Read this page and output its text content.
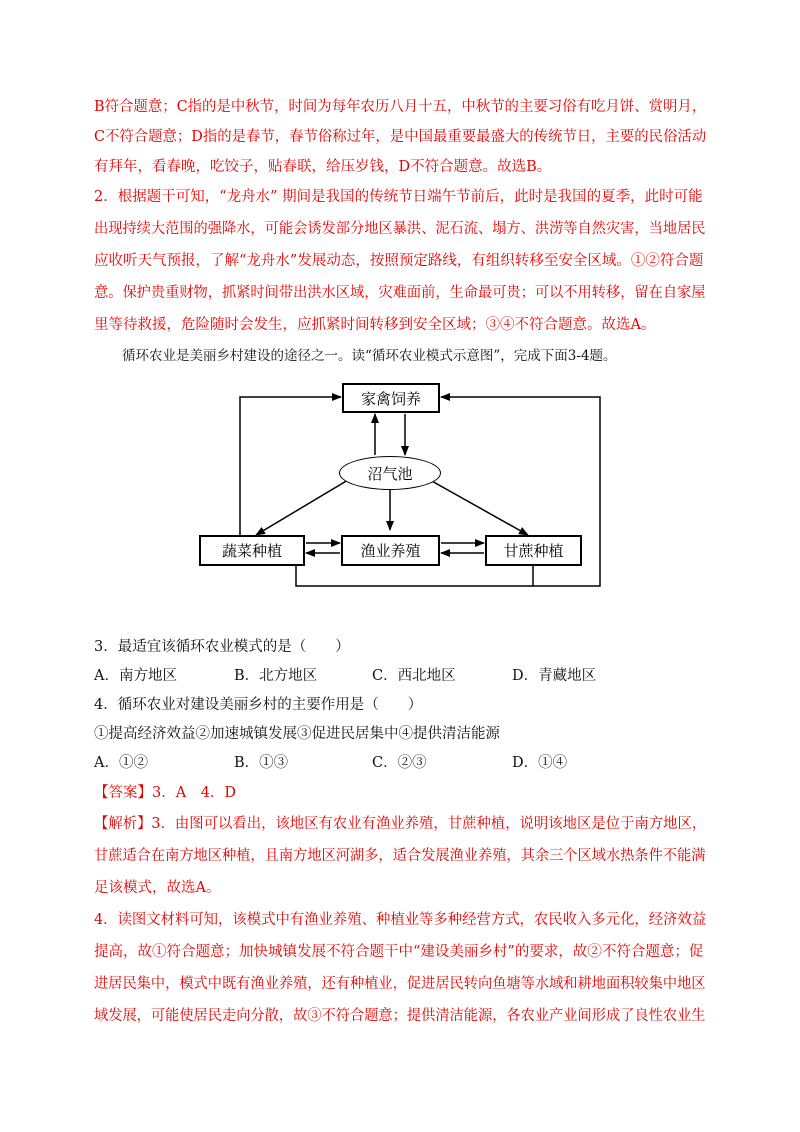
B符合题意；C指的是中秋节，时间为每年农历八月十五，中秋节的主要习俗有吃月饼、赏明月，
C不符合题意；D指的是春节，春节俗称过年，是中国最重要最盛大的传统节日，主要的民俗活动
有拜年，看春晚，吃饺子，贴春联，给压岁钱，D不符合题意。故选B。
2．根据题干可知，“龙舟水” 期间是我国的传统节日端午节前后，此时是我国的夏季，此时可能
出现持续大范围的强降水，可能会诱发部分地区暴洪、泥石流、塌方、洪涝等自然灾害，当地居民
应收听天气预报，了解“龙舟水”发展动态，按照预定路线，有组织转移至安全区域。①②符合题
意。保护贵重财物，抓紧时间带出洪水区域，灾难面前，生命最可贵；可以不用转移，留在自家屋
里等待救援，危险随时会发生，应抓紧时间转移到安全区域；③④不符合题意。故选A。
循环农业是美丽乡村建设的途径之一。读“循环农业模式示意图”，完成下面3-4题。
家禽饲养
沼气池
蔬菜种植	渔业养殖	甘蔗种植
3．最适宜该循环农业模式的是（　　）
A．南方地区	B．北方地区	C．西北地区	D．青藏地区
4．循环农业对建设美丽乡村的主要作用是（　　）
①提高经济效益②加速城镇发展③促进民居集中④提供清洁能源
A．①②	B．①③	C．②③	D．①④
【答案】3．A　4．D
【解析】3．由图可以看出，该地区有农业有渔业养殖，甘蔗种植，说明该地区是位于南方地区，
甘蔗适合在南方地区种植，且南方地区河湖多，适合发展渔业养殖，其余三个区域水热条件不能满
足该模式，故选A。
4．读图文材料可知，该模式中有渔业养殖、种植业等多种经营方式，农民收入多元化，经济效益
提高，故①符合题意；加快城镇发展不符合题干中“建设美丽乡村”的要求，故②不符合题意；促
进居民集中，模式中既有渔业养殖，还有种植业，促进居民转向鱼塘等水域和耕地面积较集中地区
域发展，可能使居民走向分散，故③不符合题意；提供清洁能源，各农业产业间形成了良性农业生
